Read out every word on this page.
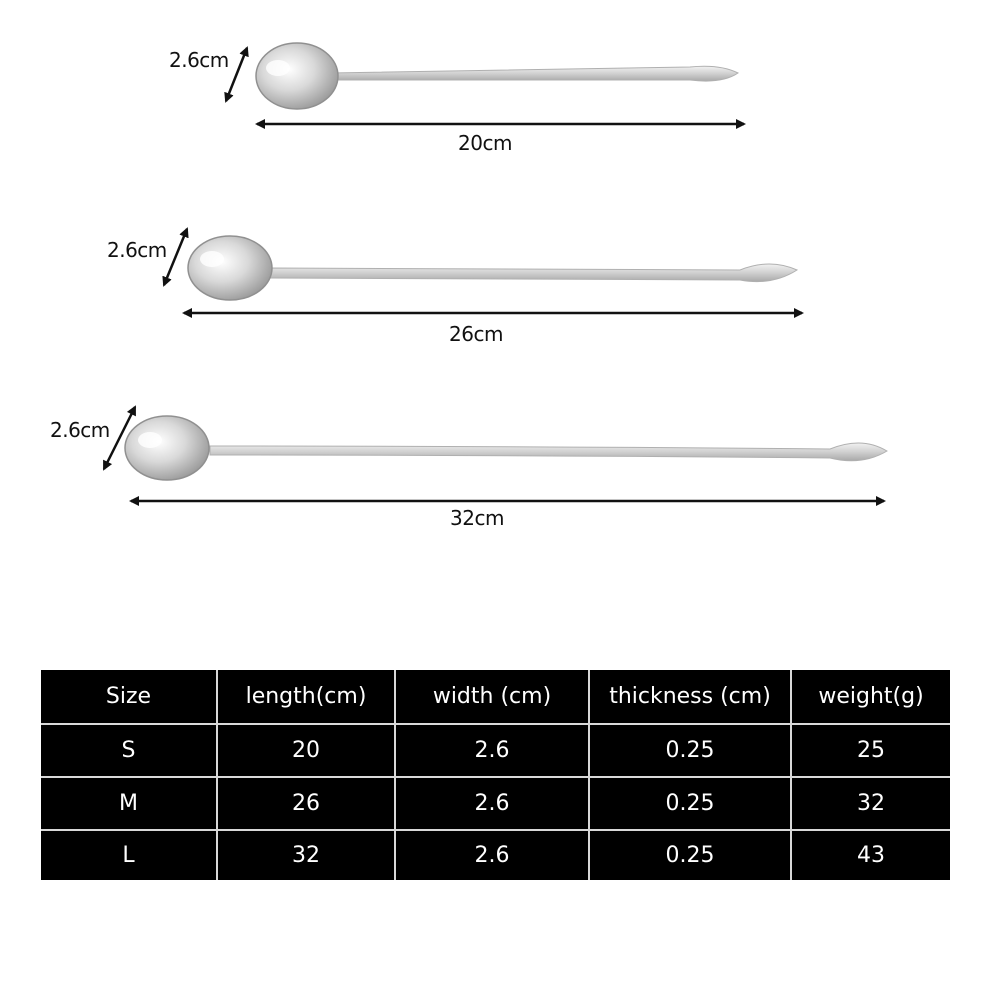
2.6cm
20cm
2.6cm
26cm
2.6cm
32cm
Size	length(cm)	width (cm)	thickness (cm)	weight(g)
S	20	2.6	0.25	25
M	26	2.6	0.25	32
L	32	2.6	0.25	43
